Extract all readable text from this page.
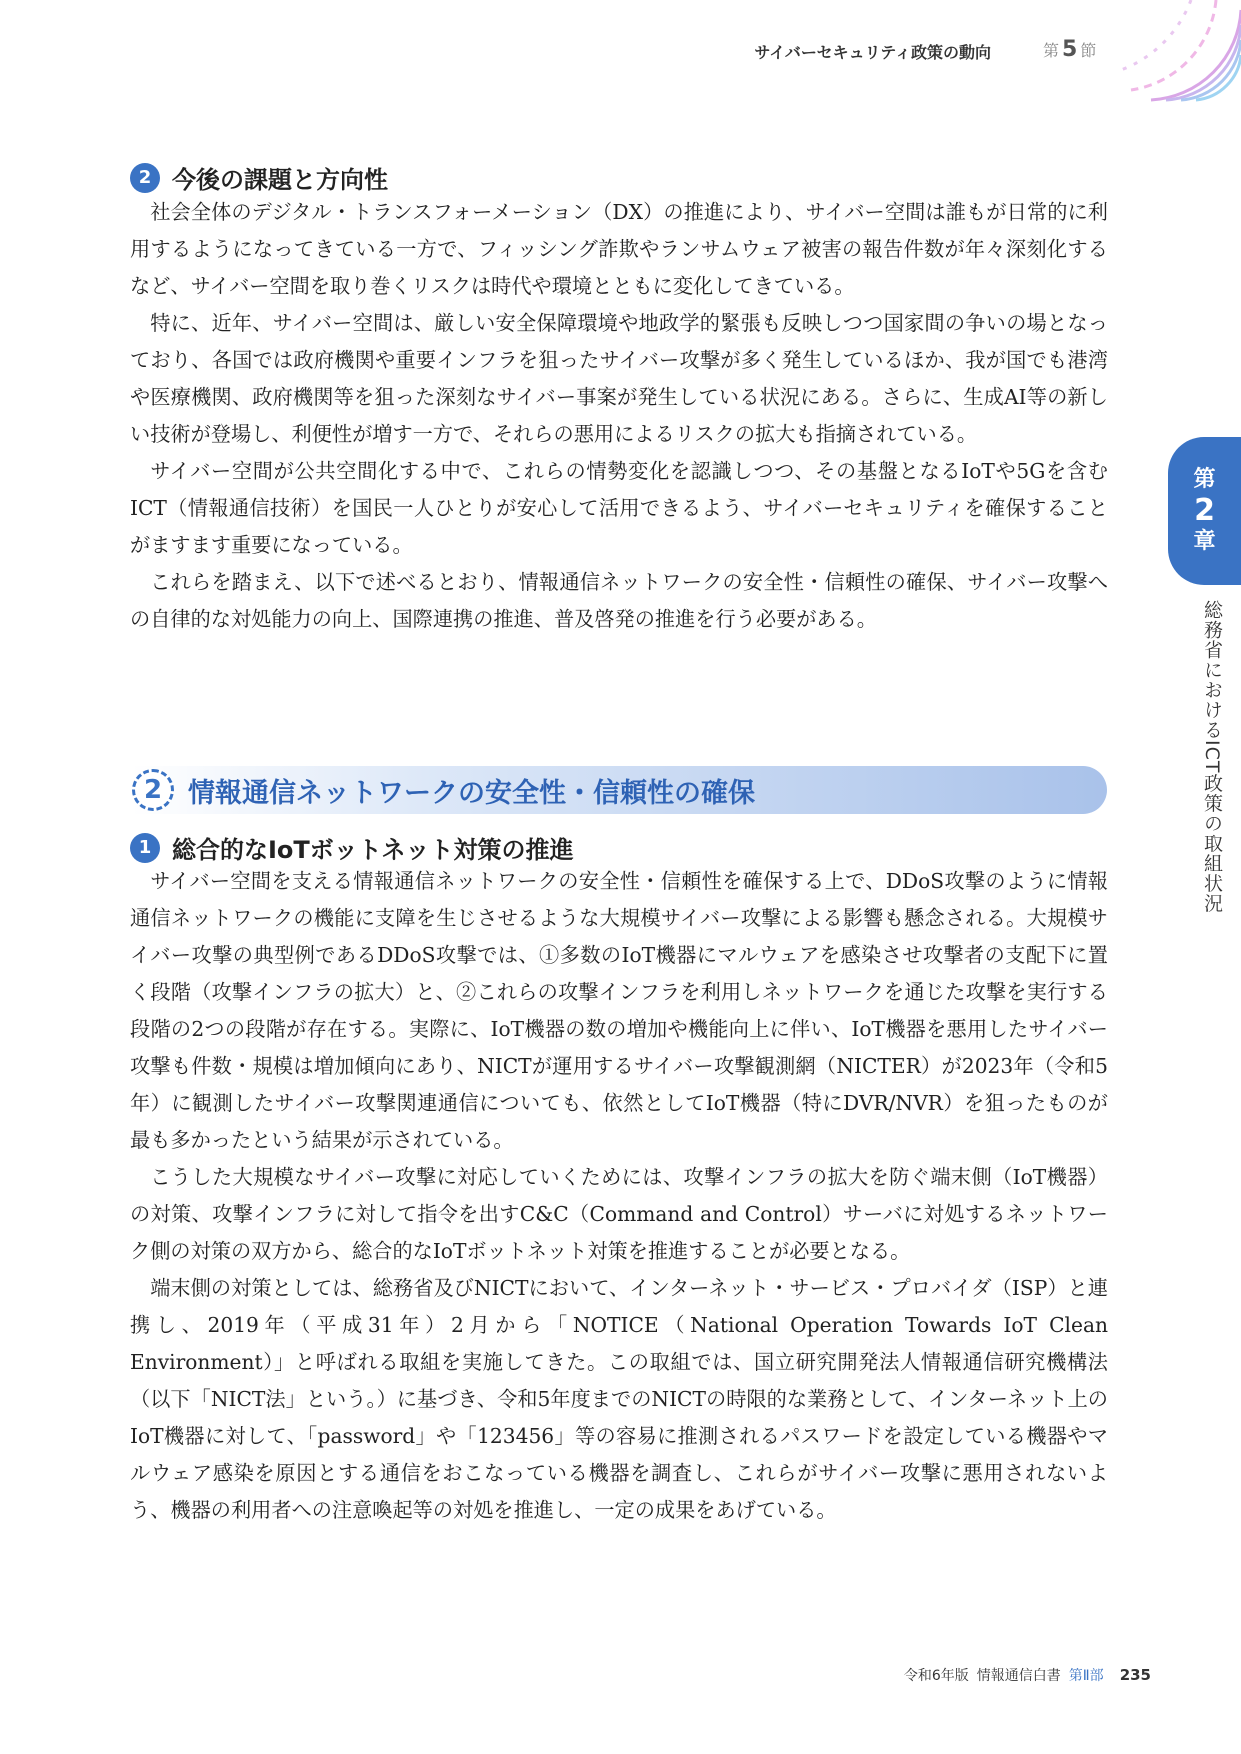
サイバーセキュリティ政策の動向	第 5 節
第
2
章
総務省におけるICT政策の取組状況
2 今後の課題と方向性

社会全体のデジタル・トランスフォーメーション（DX）の推進により、サイバー空間は誰もが日常的に利用するようになってきている一方で、フィッシング詐欺やランサムウェア被害の報告件数が年々深刻化するなど、サイバー空間を取り巻くリスクは時代や環境とともに変化してきている。

特に、近年、サイバー空間は、厳しい安全保障環境や地政学的緊張も反映しつつ国家間の争いの場となっており、各国では政府機関や重要インフラを狙ったサイバー攻撃が多く発生しているほか、我が国でも港湾や医療機関、政府機関等を狙った深刻なサイバー事案が発生している状況にある。さらに、生成AI等の新しい技術が登場し、利便性が増す一方で、それらの悪用によるリスクの拡大も指摘されている。

サイバー空間が公共空間化する中で、これらの情勢変化を認識しつつ、その基盤となるIoTや5Gを含むICT（情報通信技術）を国民一人ひとりが安心して活用できるよう、サイバーセキュリティを確保することがますます重要になっている。

これらを踏まえ、以下で述べるとおり、情報通信ネットワークの安全性・信頼性の確保、サイバー攻撃への自律的な対処能力の向上、国際連携の推進、普及啓発の推進を行う必要がある。

2 情報通信ネットワークの安全性・信頼性の確保
1 総合的なIoTボットネット対策の推進

サイバー空間を支える情報通信ネットワークの安全性・信頼性を確保する上で、DDoS攻撃のように情報通信ネットワークの機能に支障を生じさせるような大規模サイバー攻撃による影響も懸念される。大規模サイバー攻撃の典型例であるDDoS攻撃では、①多数のIoT機器にマルウェアを感染させ攻撃者の支配下に置く段階（攻撃インフラの拡大）と、②これらの攻撃インフラを利用しネットワークを通じた攻撃を実行する段階の2つの段階が存在する。実際に、IoT機器の数の増加や機能向上に伴い、IoT機器を悪用したサイバー攻撃も件数・規模は増加傾向にあり、NICTが運用するサイバー攻撃観測網（NICTER）が2023年（令和5年）に観測したサイバー攻撃関連通信についても、依然としてIoT機器（特にDVR/NVR）を狙ったものが最も多かったという結果が示されている。

こうした大規模なサイバー攻撃に対応していくためには、攻撃インフラの拡大を防ぐ端末側（IoT機器）の対策、攻撃インフラに対して指令を出すC&C（Command and Control）サーバに対処するネットワーク側の対策の双方から、総合的なIoTボットネット対策を推進することが必要となる。

端末側の対策としては、総務省及びNICTにおいて、インターネット・サービス・プロバイダ（ISP）と連携し、2019年（平成31年）2月から「NOTICE（National Operation Towards IoT Clean Environment）」と呼ばれる取組を実施してきた。この取組では、国立研究開発法人情報通信研究機構法（以下「NICT法」という。）に基づき、令和5年度までのNICTの時限的な業務として、インターネット上のIoT機器に対して、「password」や「123456」等の容易に推測されるパスワードを設定している機器やマルウェア感染を原因とする通信をおこなっている機器を調査し、これらがサイバー攻撃に悪用されないよう、機器の利用者への注意喚起等の対処を推進し、一定の成果をあげている。

令和6年版 情報通信白書 第Ⅱ部 235
